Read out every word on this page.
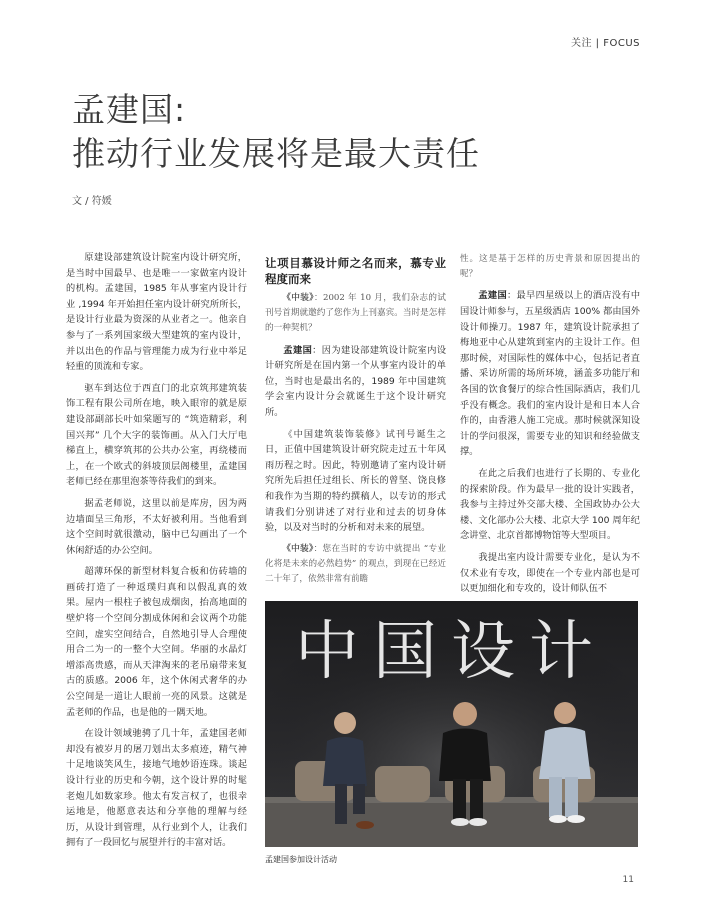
关注 | FOCUS
孟建国:
推动行业发展将是最大责任
文 / 符媛

原建设部建筑设计院室内设计研究所，是当时中国最早、也是唯一一家做室内设计的机构。孟建国，1985 年从事室内设计行业 ,1994 年开始担任室内设计研究所所长，是设计行业最为资深的从业者之一。他亲自参与了一系列国家级大型建筑的室内设计，并以出色的作品与管理能力成为行业中举足轻重的顶流和专家。

驱车到达位于西直门的北京筑邦建筑装饰工程有限公司所在地，映入眼帘的就是原建设部副部长叶如棠题写的 “筑造精彩，利国兴邦” 几个大字的装饰画。从入门大厅电梯直上，横穿筑邦的公共办公室，再绕楼而上，在一个欧式的斜坡顶层阁楼里，孟建国老师已经在那里泡茶等待我们的到来。

据孟老师说，这里以前是库房，因为两边墙面呈三角形，不太好被利用。当他看到这个空间时就很激动，脑中已勾画出了一个休闲舒适的办公空间。

超薄环保的新型材料复合板和仿砖墙的画砖打造了一种返璞归真和以假乱真的效果。屋内一根柱子被包成烟囱，抬高地面的壁炉将一个空间分割成休闲和会议两个功能空间，虚实空间结合，自然地引导人合理使用合二为一的一整个大空间。华丽的水晶灯增添高贵感，而从天津淘来的老吊扇带来复古的质感。2006 年，这个休闲式奢华的办公空间是一道让人眼前一亮的风景。这就是孟老师的作品，也是他的一隅天地。

在设计领域驰骋了几十年，孟建国老师却没有被岁月的屠刀划出太多痕迹，精气神十足地谈笑风生，接地气地妙语连珠。谈起设计行业的历史和今朝，这个设计界的时髦老炮儿如数家珍。他太有发言权了，也很幸运地是，他愿意表达和分享他的理解与经历，从设计到管理，从行业到个人，让我们拥有了一段回忆与展望并行的丰富对话。

让项目慕设计师之名而来，慕专业程度而来

《中装》：2002 年 10 月，我们杂志的试刊号首期就邀约了您作为上刊嘉宾。当时是怎样的一种契机？

孟建国：因为建设部建筑设计院室内设计研究所是在国内第一个从事室内设计的单位，当时也是最出名的，1989 年中国建筑学会室内设计分会就诞生于这个设计研究所。

《中国建筑装饰装修》试刊号诞生之日，正值中国建筑设计研究院走过五十年风雨历程之时。因此，特别邀请了室内设计研究所先后担任过组长、所长的曾坚、饶良修和我作为当期的特约撰稿人，以专访的形式请我们分别讲述了对行业和过去的切身体验，以及对当时的分析和对未来的展望。

《中装》：您在当时的专访中就提出 “专业化将是未来的必然趋势” 的观点，到现在已经近二十年了，依然非常有前瞻

性。这是基于怎样的历史背景和原因提出的呢？

孟建国：最早四星级以上的酒店没有中国设计师参与，五星级酒店 100% 都由国外设计师操刀。1987 年，建筑设计院承担了梅地亚中心从建筑到室内的主设计工作。但那时候，对国际性的媒体中心，包括记者直播、采访所需的场所环境，涵盖多功能厅和各国的饮食餐厅的综合性国际酒店，我们几乎没有概念。我们的室内设计是和日本人合作的，由香港人施工完成。那时候就深知设计的学问很深，需要专业的知识和经验做支撑。

在此之后我们也进行了长期的、专业化的探索阶段。作为最早一批的设计实践者，我参与主持过外交部大楼、全国政协办公大楼、文化部办公大楼、北京大学 100 周年纪念讲堂、北京首都博物馆等大型项目。

我提出室内设计需要专业化，是认为不仅术业有专攻，即使在一个专业内部也是可以更加细化和专攻的，设计师队伍不

中国设计
孟建国参加设计活动
11
